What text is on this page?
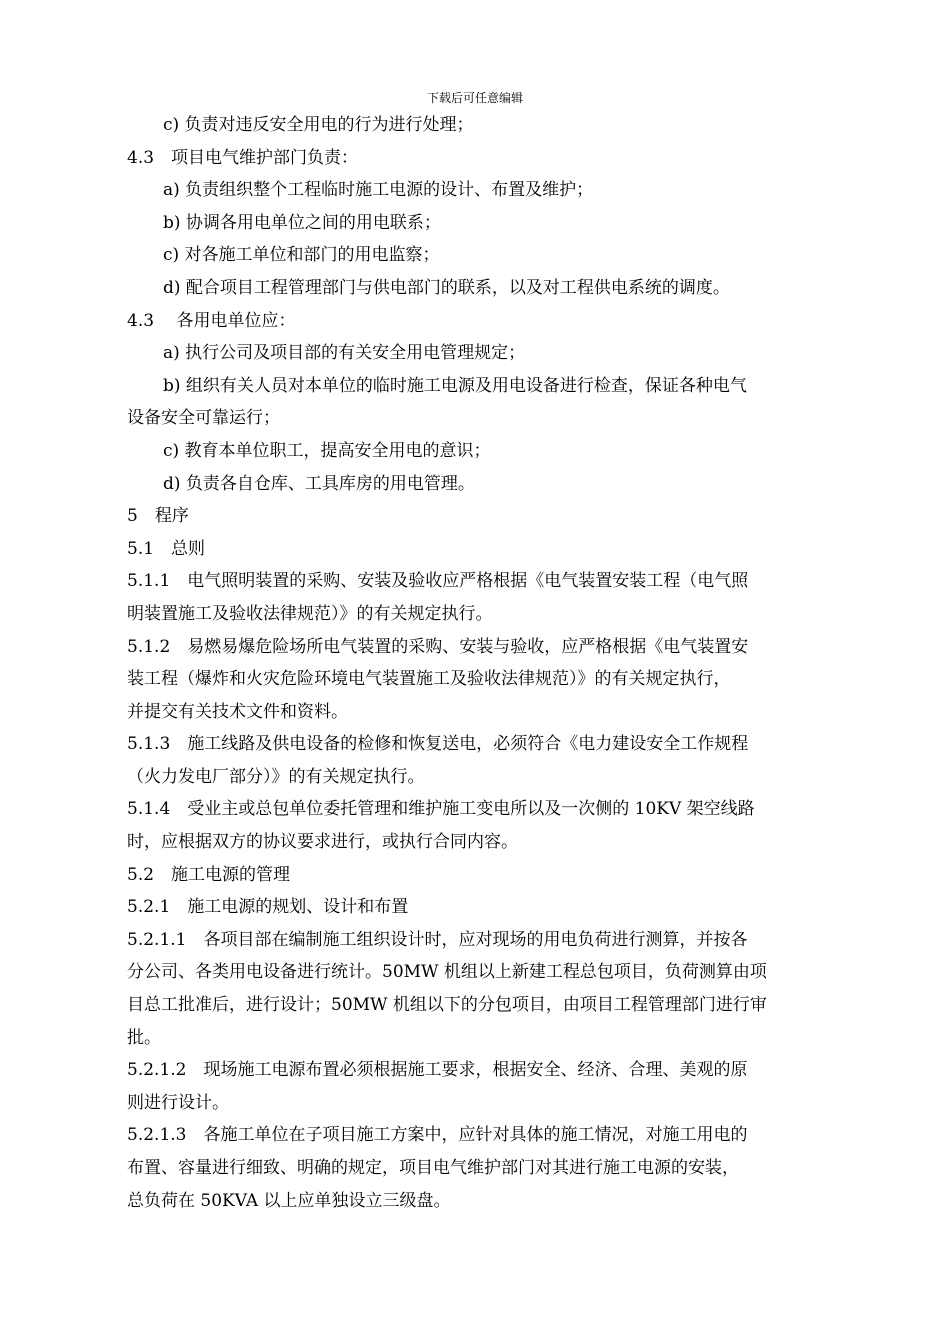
下载后可任意编辑
c) 负责对违反安全用电的行为进行处理；
4.3　项目电气维护部门负责：
a) 负责组织整个工程临时施工电源的设计、布置及维护；
b) 协调各用电单位之间的用电联系；
c) 对各施工单位和部门的用电监察；
d) 配合项目工程管理部门与供电部门的联系，以及对工程供电系统的调度。
4.3　 各用电单位应：
a) 执行公司及项目部的有关安全用电管理规定；
b) 组织有关人员对本单位的临时施工电源及用电设备进行检查，保证各种电气
设备安全可靠运行；
c) 教育本单位职工，提高安全用电的意识；
d) 负责各自仓库、工具库房的用电管理。
5　程序
5.1　总则
5.1.1　电气照明装置的采购、安装及验收应严格根据《电气装置安装工程（电气照
明装置施工及验收法律规范）》的有关规定执行。
5.1.2　易燃易爆危险场所电气装置的采购、安装与验收，应严格根据《电气装置安
装工程（爆炸和火灾危险环境电气装置施工及验收法律规范）》的有关规定执行，
并提交有关技术文件和资料。
5.1.3　施工线路及供电设备的检修和恢复送电，必须符合《电力建设安全工作规程
（火力发电厂部分）》的有关规定执行。
5.1.4　受业主或总包单位委托管理和维护施工变电所以及一次侧的 10KV 架空线路
时，应根据双方的协议要求进行，或执行合同内容。
5.2　施工电源的管理
5.2.1　施工电源的规划、设计和布置
5.2.1.1　各项目部在编制施工组织设计时，应对现场的用电负荷进行测算，并按各
分公司、各类用电设备进行统计。50MW 机组以上新建工程总包项目，负荷测算由项
目总工批准后，进行设计；50MW 机组以下的分包项目，由项目工程管理部门进行审
批。
5.2.1.2　现场施工电源布置必须根据施工要求，根据安全、经济、合理、美观的原
则进行设计。
5.2.1.3　各施工单位在子项目施工方案中，应针对具体的施工情况，对施工用电的
布置、容量进行细致、明确的规定，项目电气维护部门对其进行施工电源的安装，
总负荷在 50KVA 以上应单独设立三级盘。
